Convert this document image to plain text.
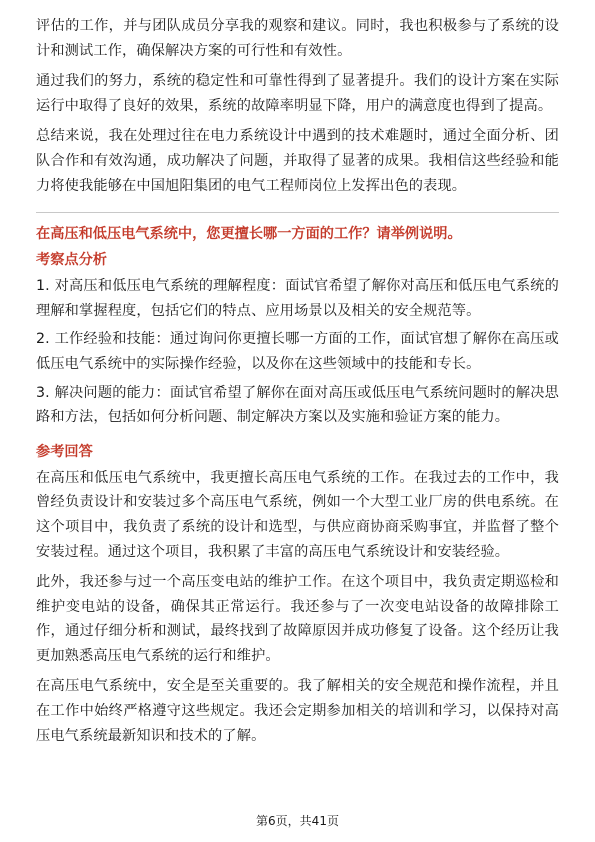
评估的工作，并与团队成员分享我的观察和建议。同时，我也积极参与了系统的设计和测试工作，确保解决方案的可行性和有效性。

通过我们的努力，系统的稳定性和可靠性得到了显著提升。我们的设计方案在实际运行中取得了良好的效果，系统的故障率明显下降，用户的满意度也得到了提高。

总结来说，我在处理过往在电力系统设计中遇到的技术难题时，通过全面分析、团队合作和有效沟通，成功解决了问题，并取得了显著的成果。我相信这些经验和能力将使我能够在中国旭阳集团的电气工程师岗位上发挥出色的表现。

在高压和低压电气系统中，您更擅长哪一方面的工作？请举例说明。
考察点分析

1. 对高压和低压电气系统的理解程度：面试官希望了解你对高压和低压电气系统的理解和掌握程度，包括它们的特点、应用场景以及相关的安全规范等。

2. 工作经验和技能：通过询问你更擅长哪一方面的工作，面试官想了解你在高压或低压电气系统中的实际操作经验，以及你在这些领域中的技能和专长。

3. 解决问题的能力：面试官希望了解你在面对高压或低压电气系统问题时的解决思路和方法，包括如何分析问题、制定解决方案以及实施和验证方案的能力。

参考回答

在高压和低压电气系统中，我更擅长高压电气系统的工作。在我过去的工作中，我曾经负责设计和安装过多个高压电气系统，例如一个大型工业厂房的供电系统。在这个项目中，我负责了系统的设计和选型，与供应商协商采购事宜，并监督了整个安装过程。通过这个项目，我积累了丰富的高压电气系统设计和安装经验。

此外，我还参与过一个高压变电站的维护工作。在这个项目中，我负责定期巡检和维护变电站的设备，确保其正常运行。我还参与了一次变电站设备的故障排除工作，通过仔细分析和测试，最终找到了故障原因并成功修复了设备。这个经历让我更加熟悉高压电气系统的运行和维护。

在高压电气系统中，安全是至关重要的。我了解相关的安全规范和操作流程，并且在工作中始终严格遵守这些规定。我还会定期参加相关的培训和学习，以保持对高压电气系统最新知识和技术的了解。

第6页，共41页
